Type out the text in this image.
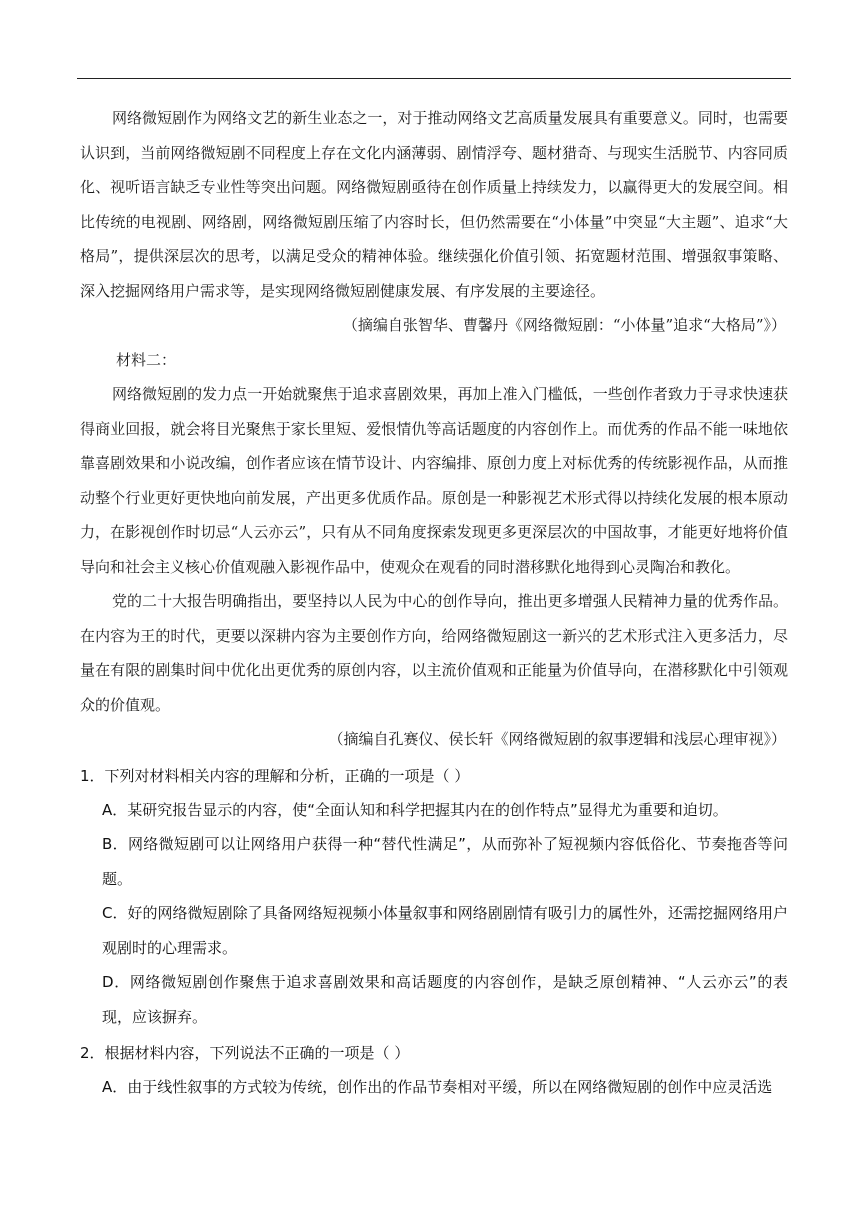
网络微短剧作为网络文艺的新生业态之一，对于推动网络文艺高质量发展具有重要意义。同时，也需要认识到，当前网络微短剧不同程度上存在文化内涵薄弱、剧情浮夸、题材猎奇、与现实生活脱节、内容同质化、视听语言缺乏专业性等突出问题。网络微短剧亟待在创作质量上持续发力，以赢得更大的发展空间。相比传统的电视剧、网络剧，网络微短剧压缩了内容时长，但仍然需要在“小体量”中突显“大主题”、追求“大格局”，提供深层次的思考，以满足受众的精神体验。继续强化价值引领、拓宽题材范围、增强叙事策略、深入挖掘网络用户需求等，是实现网络微短剧健康发展、有序发展的主要途径。

（摘编自张智华、曹馨丹《网络微短剧：“小体量”追求“大格局”》）

材料二：

网络微短剧的发力点一开始就聚焦于追求喜剧效果，再加上准入门槛低，一些创作者致力于寻求快速获得商业回报，就会将目光聚焦于家长里短、爱恨情仇等高话题度的内容创作上。而优秀的作品不能一味地依靠喜剧效果和小说改编，创作者应该在情节设计、内容编排、原创力度上对标优秀的传统影视作品，从而推动整个行业更好更快地向前发展，产出更多优质作品。原创是一种影视艺术形式得以持续化发展的根本原动力，在影视创作时切忌“人云亦云”，只有从不同角度探索发现更多更深层次的中国故事，才能更好地将价值导向和社会主义核心价值观融入影视作品中，使观众在观看的同时潜移默化地得到心灵陶冶和教化。

党的二十大报告明确指出，要坚持以人民为中心的创作导向，推出更多增强人民精神力量的优秀作品。在内容为王的时代，更要以深耕内容为主要创作方向，给网络微短剧这一新兴的艺术形式注入更多活力，尽量在有限的剧集时间中优化出更优秀的原创内容，以主流价值观和正能量为价值导向，在潜移默化中引领观众的价值观。

（摘编自孔赛仪、侯长轩《网络微短剧的叙事逻辑和浅层心理审视》）

1．下列对材料相关内容的理解和分析，正确的一项是（ ）

A．某研究报告显示的内容，使“全面认知和科学把握其内在的创作特点”显得尤为重要和迫切。

B．网络微短剧可以让网络用户获得一种“替代性满足”，从而弥补了短视频内容低俗化、节奏拖沓等问题。

C．好的网络微短剧除了具备网络短视频小体量叙事和网络剧剧情有吸引力的属性外，还需挖掘网络用户观剧时的心理需求。

D．网络微短剧创作聚焦于追求喜剧效果和高话题度的内容创作，是缺乏原创精神、“人云亦云”的表现，应该摒弃。

2．根据材料内容，下列说法不正确的一项是（ ）

A．由于线性叙事的方式较为传统，创作出的作品节奏相对平缓，所以在网络微短剧的创作中应灵活选
